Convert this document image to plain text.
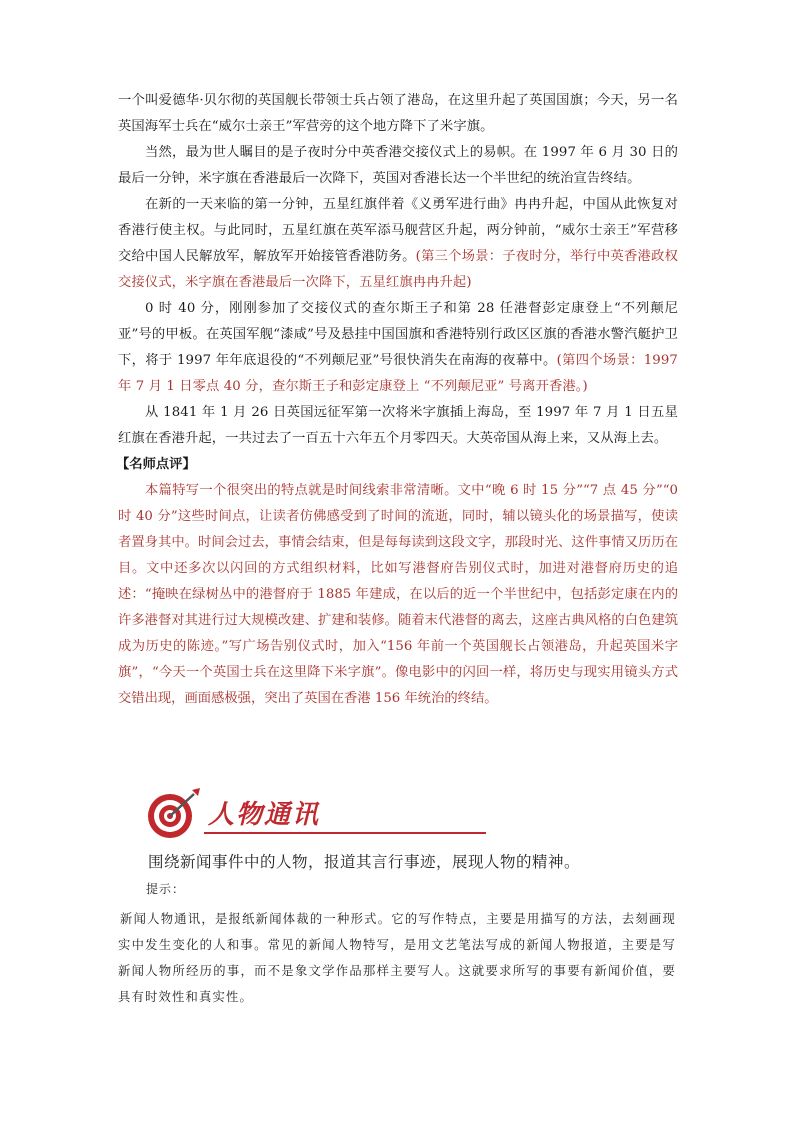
一个叫爱德华·贝尔彻的英国舰长带领士兵占领了港岛，在这里升起了英国国旗；今天，另一名英国海军士兵在“威尔士亲王”军营旁的这个地方降下了米字旗。

当然，最为世人瞩目的是子夜时分中英香港交接仪式上的易帜。在 1997 年 6 月 30 日的最后一分钟，米字旗在香港最后一次降下，英国对香港长达一个半世纪的统治宣告终结。

在新的一天来临的第一分钟，五星红旗伴着《义勇军进行曲》冉冉升起，中国从此恢复对香港行使主权。与此同时，五星红旗在英军添马舰营区升起，两分钟前，“威尔士亲王”军营移交给中国人民解放军，解放军开始接管香港防务。(第三个场景：子夜时分，举行中英香港政权交接仪式，米字旗在香港最后一次降下，五星红旗冉冉升起)

0 时 40 分，刚刚参加了交接仪式的查尔斯王子和第 28 任港督彭定康登上“不列颠尼亚”号的甲板。在英国军舰“漆咸”号及悬挂中国国旗和香港特别行政区区旗的香港水警汽艇护卫下，将于 1997 年年底退役的“不列颠尼亚”号很快消失在南海的夜幕中。(第四个场景：1997 年 7 月 1 日零点 40 分，查尔斯王子和彭定康登上 “不列颠尼亚” 号离开香港。)

从 1841 年 1 月 26 日英国远征军第一次将米字旗插上海岛，至 1997 年 7 月 1 日五星红旗在香港升起，一共过去了一百五十六年五个月零四天。大英帝国从海上来，又从海上去。

【名师点评】

本篇特写一个很突出的特点就是时间线索非常清晰。文中“晚 6 时 15 分”“7 点 45 分”“0 时 40 分”这些时间点，让读者仿佛感受到了时间的流逝，同时，辅以镜头化的场景描写，使读者置身其中。时间会过去，事情会结束，但是每每读到这段文字，那段时光、这件事情又历历在目。文中还多次以闪回的方式组织材料，比如写港督府告别仪式时，加进对港督府历史的追述：“掩映在绿树丛中的港督府于 1885 年建成，在以后的近一个半世纪中，包括彭定康在内的许多港督对其进行过大规模改建、扩建和装修。随着末代港督的离去，这座古典风格的白色建筑成为历史的陈迹。”写广场告别仪式时，加入“156 年前一个英国舰长占领港岛，升起英国米字旗”，“今天一个英国士兵在这里降下米字旗”。像电影中的闪回一样，将历史与现实用镜头方式交错出现，画面感极强，突出了英国在香港 156 年统治的终结。

人物通讯
围绕新闻事件中的人物，报道其言行事迹，展现人物的精神。
提示：
新闻人物通讯，是报纸新闻体裁的一种形式。它的写作特点，主要是用描写的方法，去刻画现实中发生变化的人和事。常见的新闻人物特写，是用文艺笔法写成的新闻人物报道，主要是写新闻人物所经历的事，而不是象文学作品那样主要写人。这就要求所写的事要有新闻价值，要具有时效性和真实性。
